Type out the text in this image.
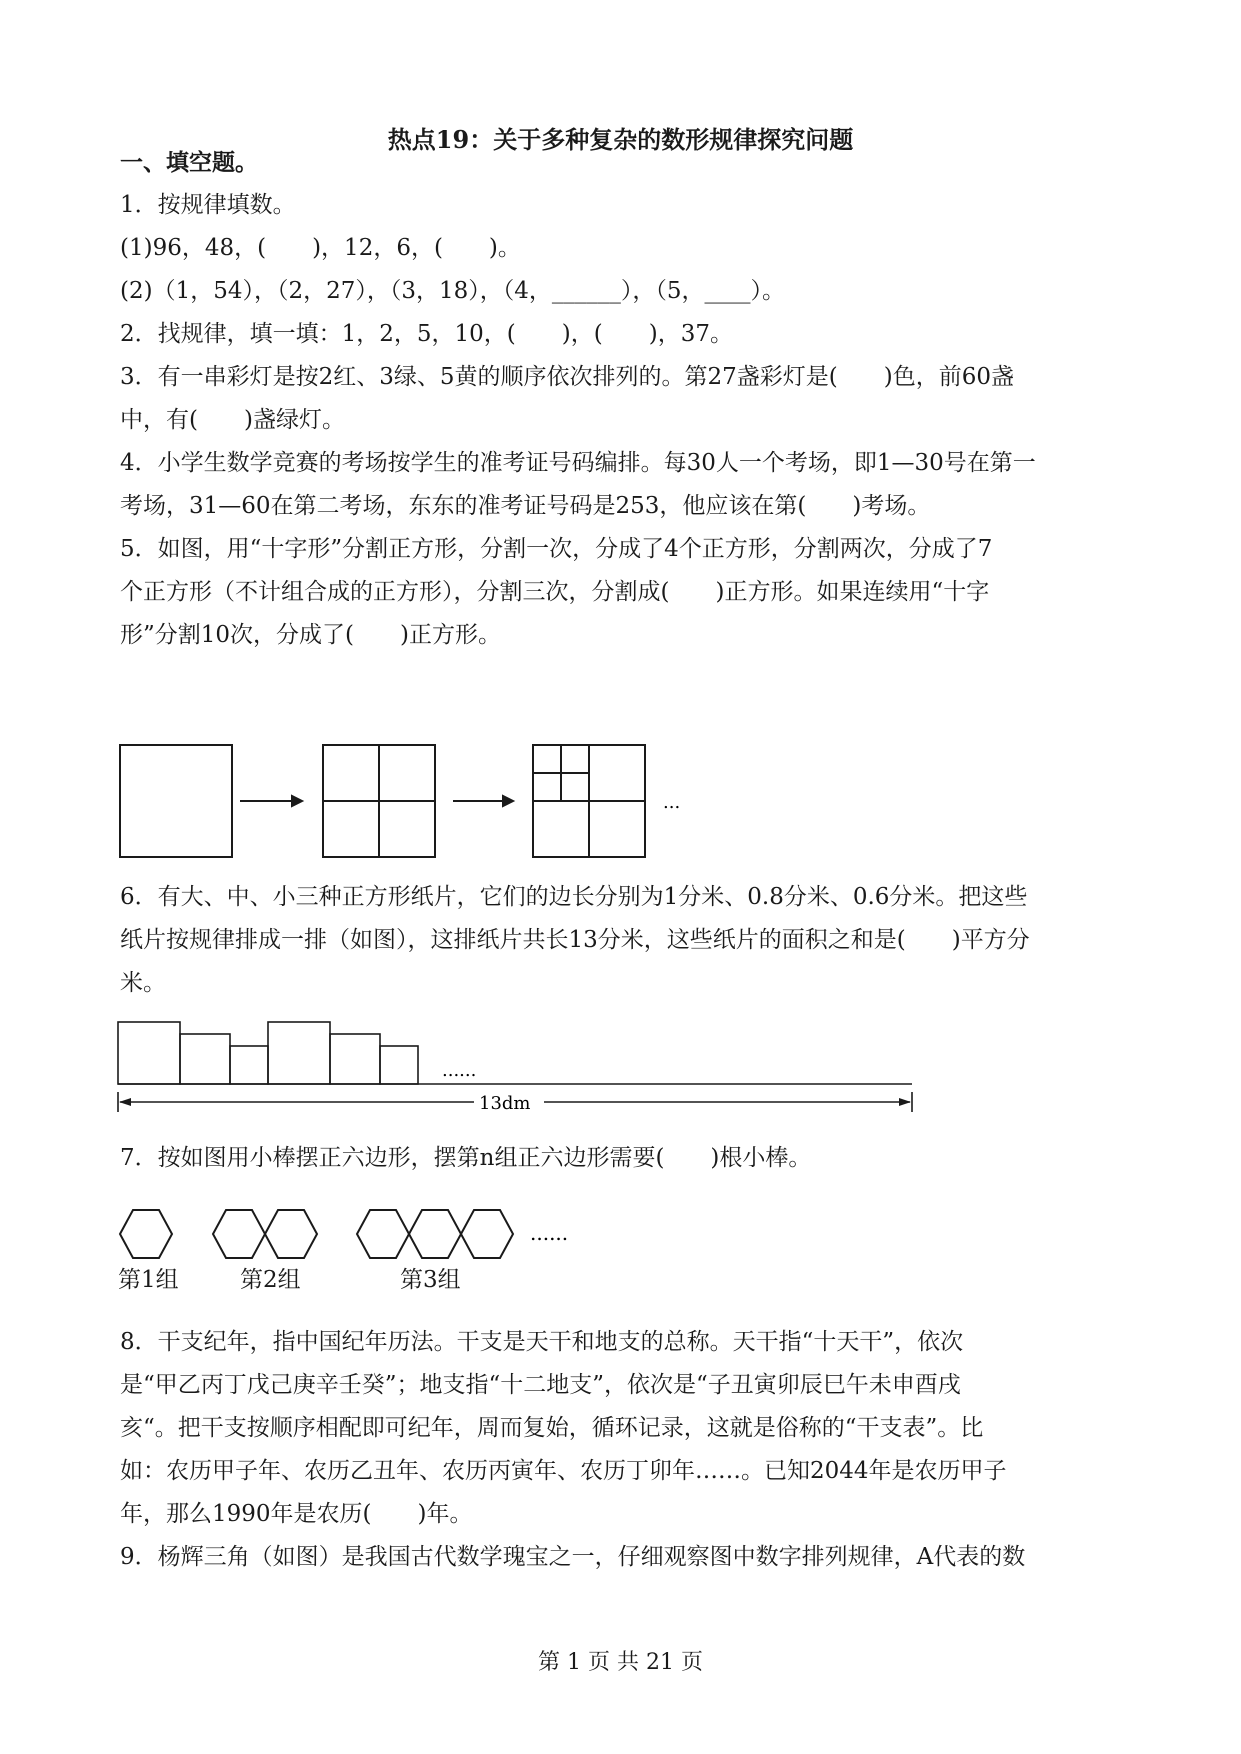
热点19：关于多种复杂的数形规律探究问题
一、填空题。
1．按规律填数。
(1)96，48，(　　)，12，6，(　　)。
(2)（1，54），（2，27），（3，18），（4，______），（5，____）。
2．找规律，填一填：1，2，5，10，(　　)，(　　)，37。
3．有一串彩灯是按2红、3绿、5黄的顺序依次排列的。第27盏彩灯是(　　)色，前60盏
中，有(　　)盏绿灯。
4．小学生数学竞赛的考场按学生的准考证号码编排。每30人一个考场，即1—30号在第一
考场，31—60在第二考场，东东的准考证号码是253，他应该在第(　　)考场。
5．如图，用“十字形”分割正方形，分割一次，分成了4个正方形，分割两次，分成了7
个正方形（不计组合成的正方形），分割三次，分割成(　　)正方形。如果连续用“十字
形”分割10次，分成了(　　)正方形。
...
6．有大、中、小三种正方形纸片，它们的边长分别为1分米、0.8分米、0.6分米。把这些
纸片按规律排成一排（如图），这排纸片共长13分米，这些纸片的面积之和是(　　)平方分
米。
......
13dm
7．按如图用小棒摆正六边形，摆第n组正六边形需要(　　)根小棒。
......
第1组	第2组	第3组
8．干支纪年，指中国纪年历法。干支是天干和地支的总称。天干指“十天干”，依次
是“甲乙丙丁戊己庚辛壬癸”；地支指“十二地支”，依次是“子丑寅卯辰巳午未申酉戌
亥“。把干支按顺序相配即可纪年，周而复始，循环记录，这就是俗称的“干支表”。比
如：农历甲子年、农历乙丑年、农历丙寅年、农历丁卯年……。已知2044年是农历甲子
年，那么1990年是农历(　　)年。
9．杨辉三角（如图）是我国古代数学瑰宝之一，仔细观察图中数字排列规律，A代表的数
第 1 页 共 21 页
